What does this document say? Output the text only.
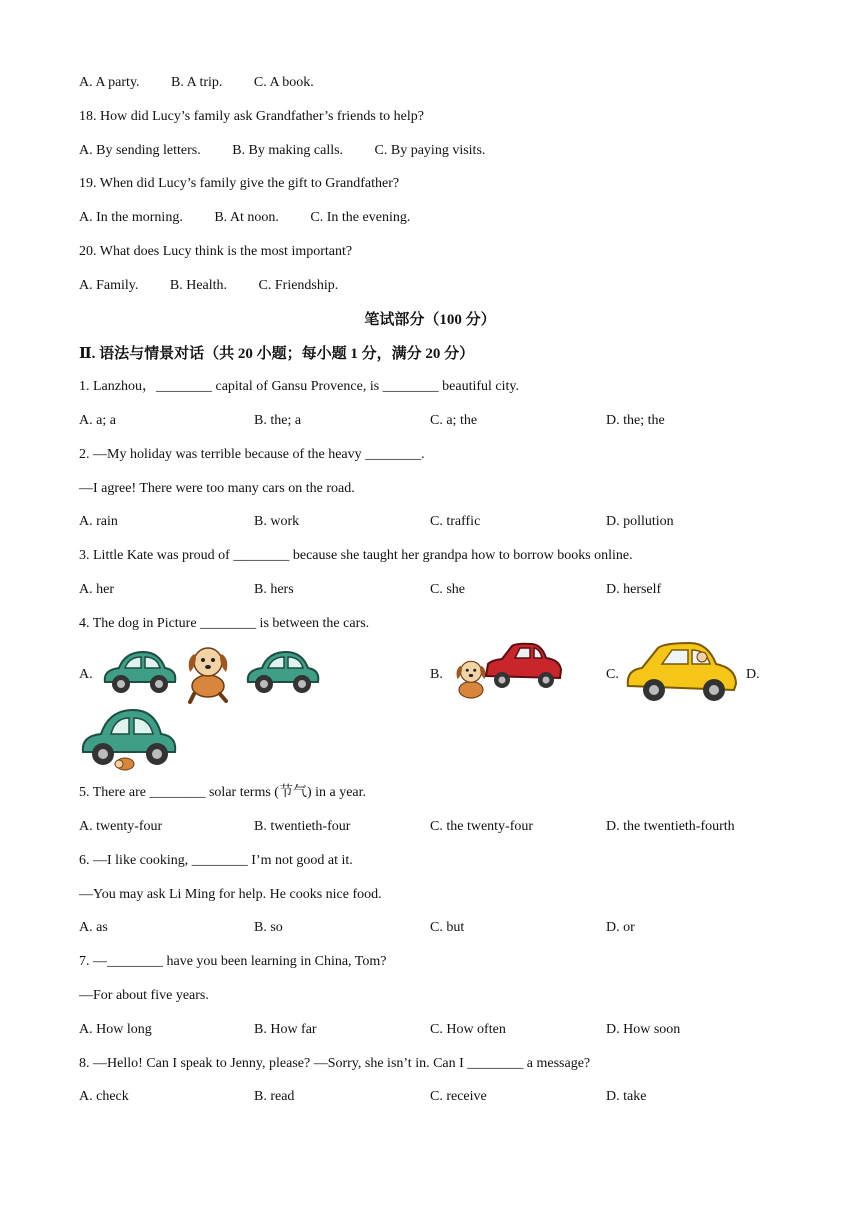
A. A party. B. A trip. C. A book.
18. How did Lucy’s family ask Grandfather’s friends to help?
A. By sending letters. B. By making calls. C. By paying visits.
19. When did Lucy’s family give the gift to Grandfather?
A. In the morning. B. At noon. C. In the evening.
20. What does Lucy think is the most important?
A. Family. B. Health. C. Friendship.
笔试部分（100 分）
Ⅱ. 语法与情景对话（共 20 小题；每小题 1 分，满分 20 分）
1. Lanzhou，________ capital of Gansu Provence, is ________ beautiful city.
A. a; a	B. the; a	C. a; the	D. the; the
2. —My holiday was terrible because of the heavy ________.
—I agree! There were too many cars on the road.
A. rain	B. work	C. traffic	D. pollution
3. Little Kate was proud of ________ because she taught her grandpa how to borrow books online.
A. her	B. hers	C. she	D. herself
4. The dog in Picture ________ is between the cars.
A.	B.	C.	D.
5. There are ________ solar terms (节气) in a year.
A. twenty-four	B. twentieth-four	C. the twenty-four	D. the twentieth-fourth
6. —I like cooking, ________ I’m not good at it.
—You may ask Li Ming for help. He cooks nice food.
A. as	B. so	C. but	D. or
7. —________ have you been learning in China, Tom?
—For about five years.
A. How long	B. How far	C. How often	D. How soon
8. —Hello! Can I speak to Jenny, please? —Sorry, she isn’t in. Can I ________ a message?
A. check	B. read	C. receive	D. take
